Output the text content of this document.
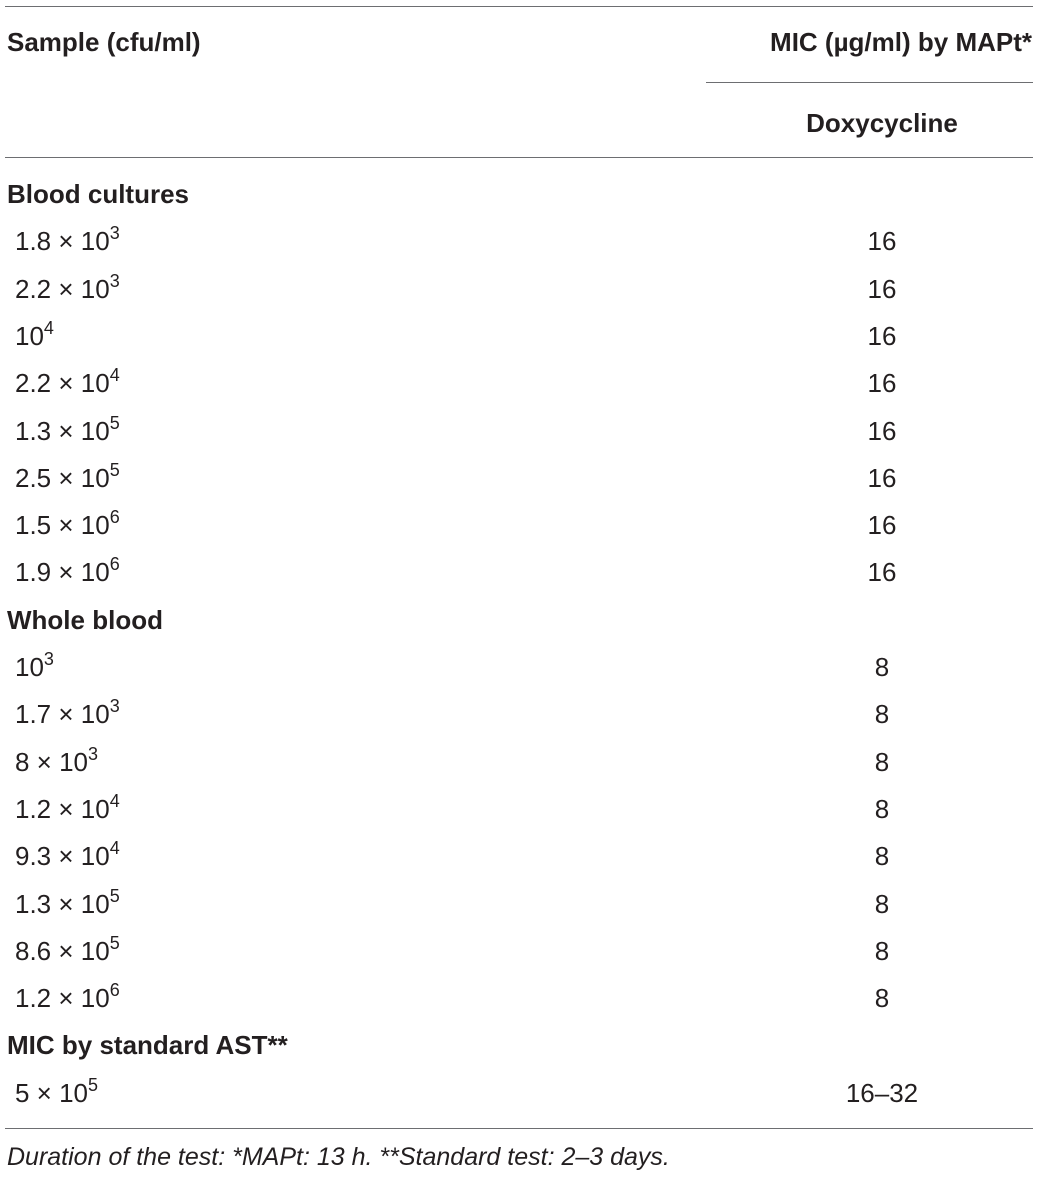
Sample (cfu/ml)	MIC (µg/ml) by MAPt*
Doxycycline
Blood cultures
$1.8 \times 10^3$	16
$2.2 \times 10^3$	16
$10^4$	16
$2.2 \times 10^4$	16
$1.3 \times 10^5$	16
$2.5 \times 10^5$	16
$1.5 \times 10^6$	16
$1.9 \times 10^6$	16
Whole blood
$10^3$	8
$1.7 \times 10^3$	8
$8 \times 10^3$	8
$1.2 \times 10^4$	8
$9.3 \times 10^4$	8
$1.3 \times 10^5$	8
$8.6 \times 10^5$	8
$1.2 \times 10^6$	8
MIC by standard AST**
$5 \times 10^5$	16–32
Duration of the test: *MAPt: 13 h. **Standard test: 2–3 days.
